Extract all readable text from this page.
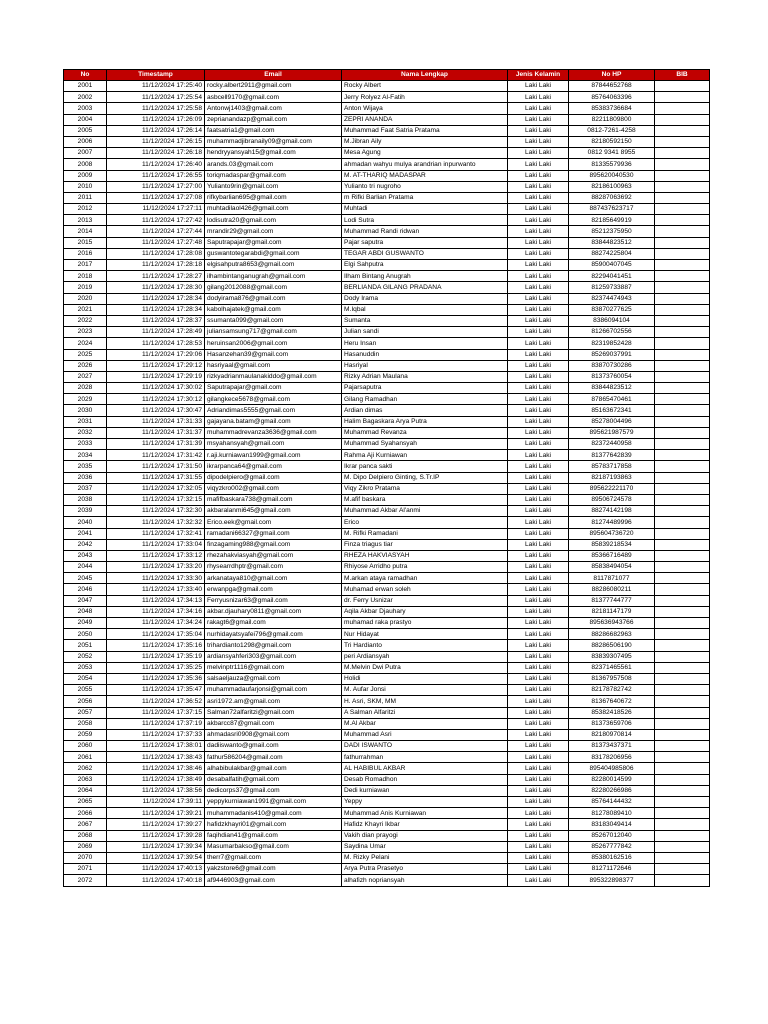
No	Timestamp	Email	Nama Lengkap	Jenis Kelamin	No HP	BIB
2001	11/12/2024 17:25:40	rocky.albert2911@gmail.com	Rocky Albert	Laki Laki	87844652768	
2002	11/12/2024 17:25:54	asbcell9170@gmail.com	Jerry Rolyez Al-Fatih	Laki Laki	85764063396	
2003	11/12/2024 17:25:58	Antonwj1403@gmail.com	Anton Wijaya	Laki Laki	85383736684	
2004	11/12/2024 17:26:09	zeprianandazp@gmail.com	ZEPRI ANANDA	Laki Laki	82211809800	
2005	11/12/2024 17:26:14	faatsatria1@gmail.com	Muhammad Faat Satria Pratama	Laki Laki	0812-7261-4258	
2006	11/12/2024 17:26:15	muhammadjibranaily09@gmail.com	M.Jibran Aily	Laki Laki	82180592150	
2007	11/12/2024 17:26:18	hendryyansyah15@gmail.com	Mesa Agung	Laki Laki	0812 9341 8955	
2008	11/12/2024 17:26:40	arands.03@gmail.com	ahmadan wahyu mulya arandrian inpurwanto	Laki Laki	81335579936	
2009	11/12/2024 17:26:55	toriqmadaspar@gmail.com	M. AT-THARIQ MADASPAR	Laki Laki	895620040530	
2010	11/12/2024 17:27:00	Yulianto9rin@gmail.com	Yulianto tri nugroho	Laki Laki	82186100963	
2011	11/12/2024 17:27:08	rifkybarlian695@gmail.com	m Rifki Barlian Pratama	Laki Laki	88287063692	
2012	11/12/2024 17:27:11	muhtadilaol426@gmail.com	Muhtadi	Laki Laki	887437623717	
2013	11/12/2024 17:27:42	lodisutra20@gmail.com	Lodi Sutra	Laki Laki	82185649919	
2014	11/12/2024 17:27:44	mrandir29@gmail.com	Muhammad Randi ridwan	Laki Laki	85212375950	
2015	11/12/2024 17:27:48	Saputrapajar@gmail.com	Pajar saputra	Laki Laki	83844823512	
2016	11/12/2024 17:28:08	guswantotegarabdi@gmail.com	TEGAR ABDI GUSWANTO	Laki Laki	88274225804	
2017	11/12/2024 17:28:18	elgisahputra8653@gmail.com	Elgi Sahputra	Laki Laki	85900407045	
2018	11/12/2024 17:28:27	ilhambintanganugrah@gmail.com	Ilham Bintang Anugrah	Laki Laki	82294041451	
2019	11/12/2024 17:28:30	gilang2012088@gmail.com	BERLIANDA GILANG PRADANA	Laki Laki	81259733887	
2020	11/12/2024 17:28:34	dodyirama876@gmail.com	Dody Irama	Laki Laki	82374474943	
2021	11/12/2024 17:28:34	kabolhajatek@gmail.com	M.Iqbal	Laki Laki	83870277625	
2022	11/12/2024 17:28:37	ssumanta099@gmail.com	Sumanta	Laki Laki	8386094104	
2023	11/12/2024 17:28:49	juliansamsung717@gmail.com	Julian sandi	Laki Laki	81266702556	
2024	11/12/2024 17:28:53	heruinsan2006@gmail.com	Heru Insan	Laki Laki	82319852428	
2025	11/12/2024 17:29:06	Hasanzehan39@gmail.com	Hasanuddin	Laki Laki	85269037991	
2026	11/12/2024 17:29:12	hasriyaal@gmail.com	Hasriyal	Laki Laki	83870730286	
2027	11/12/2024 17:29:19	rizkyadrianmaulanakiddo@gmail.com	Rizky Adrian Maulana	Laki Laki	81373760054	
2028	11/12/2024 17:30:02	Saputrapajar@gmail.com	Pajarsaputra	Laki Laki	83844823512	
2029	11/12/2024 17:30:12	gilangkece5678@gmail.com	Gilang Ramadhan	Laki Laki	87865470461	
2030	11/12/2024 17:30:47	Adriandimas5555@gmail.com	Ardian dimas	Laki Laki	85163672341	
2031	11/12/2024 17:31:33	gajayana.batam@gmail.com	Halim Bagaskara Arya Putra	Laki Laki	85278004496	
2032	11/12/2024 17:31:37	muhammadrevanza3636@gmail.com	Muhammad Revanza	Laki Laki	895621987579	
2033	11/12/2024 17:31:39	msyahansyah@gmail.com	Muhammad Syahansyah	Laki Laki	82372440958	
2034	11/12/2024 17:31:42	r.aji.kurniawan1999@gmail.com	Rahma Aji Kurniawan	Laki Laki	81377642839	
2035	11/12/2024 17:31:50	ikrarpanca64@gmail.com	Ikrar panca sakti	Laki Laki	85783717858	
2036	11/12/2024 17:31:55	dipodelpiero@gmail.com	M. Dipo Delpiero Ginting, S.Tr.IP	Laki Laki	82187193863	
2037	11/12/2024 17:32:05	viqyzkro002@gmail.com	Viqy Zikro Pratama	Laki Laki	895622221170	
2038	11/12/2024 17:32:15	mafifbaskara738@gmail.com	M.afif baskara	Laki Laki	89506724578	
2039	11/12/2024 17:32:30	akbaralanmi645@gmail.com	Muhammad Akbar Al'anmi	Laki Laki	88274142198	
2040	11/12/2024 17:32:32	Erico.eek@gmail.com	Erico	Laki Laki	81274489996	
2041	11/12/2024 17:32:41	ramadani66327@gmail.com	M. Rifki Ramadani	Laki Laki	895604736720	
2042	11/12/2024 17:33:04	finzagaming988@gmail.com	Finza triagus tiar	Laki Laki	85839218534	
2043	11/12/2024 17:33:12	rhezahakviasyah@gmail.com	RHEZA HAKVIASYAH	Laki Laki	85366716489	
2044	11/12/2024 17:33:20	rhysearrdhptr@gmail.com	Rhiyose Arridho putra	Laki Laki	85838494054	
2045	11/12/2024 17:33:30	arkanataya810@gmail.com	M.arkan ataya ramadhan	Laki Laki	8117871077	
2046	11/12/2024 17:33:40	erwanpga@gmail.com	Muhamad erwan soleh	Laki Laki	88286080211	
2047	11/12/2024 17:34:13	Ferryusnizar63@gmail.com	dr. Ferry Usnizar	Laki Laki	81377744777	
2048	11/12/2024 17:34:16	akbar.djauhary0811@gmail.com	Aqila Akbar Djauhary	Laki Laki	82181147179	
2049	11/12/2024 17:34:24	rakagt6@gmail.com	muhamad raka prastyo	Laki Laki	895636943766	
2050	11/12/2024 17:35:04	nurhidayatsyafei796@gmail.com	Nur Hidayat	Laki Laki	88286682963	
2051	11/12/2024 17:35:16	trihardianto1298@gmail.com	Tri Hardianto	Laki Laki	88286506190	
2052	11/12/2024 17:35:19	ardiansyahferi303@gmail.com	peri Ardiansyah	Laki Laki	83839307495	
2053	11/12/2024 17:35:25	melvinptr1116@gmail.com	M.Melvin Dwi Putra	Laki Laki	82371465561	
2054	11/12/2024 17:35:36	salsaeljauza@gmail.com	Holidi	Laki Laki	81367957508	
2055	11/12/2024 17:35:47	muhammadaufarjonsi@gmail.com	M. Aufar Jonsi	Laki Laki	82178782742	
2056	11/12/2024 17:36:52	asri1972.am@gmail.com	H. Asri, SKM, MM	Laki Laki	81367640672	
2057	11/12/2024 17:37:15	Salman72alfaritzi@gmail.com	A Salman Alfaritzi	Laki Laki	85382418526	
2058	11/12/2024 17:37:19	akbarcc87@gmail.com	M.Al Akbar	Laki Laki	81373659706	
2059	11/12/2024 17:37:33	ahmadasri0908@gmail.com	Muhammad Asri	Laki Laki	82180970814	
2060	11/12/2024 17:38:01	dadiiswanto@gmail.com	DADI ISWANTO	Laki Laki	81373437371	
2061	11/12/2024 17:38:43	fathur586204@gmail.com	fathurrahman	Laki Laki	83178206956	
2062	11/12/2024 17:38:46	alhabibulakbar@gmail.com	AL HABIBUL AKBAR	Laki Laki	895404985806	
2063	11/12/2024 17:38:49	desabalfatih@gmail.com	Desab Romadhon	Laki Laki	82280014599	
2064	11/12/2024 17:38:56	dedicorps37@gmail.com	Dedi kurniawan	Laki Laki	82280266986	
2065	11/12/2024 17:39:11	yeppykurniawan1991@gmail.com	Yeppy	Laki Laki	85764144432	
2066	11/12/2024 17:39:21	muhammadanis410@gmail.com	Muhammad Anis Kurniawan	Laki Laki	81278089410	
2067	11/12/2024 17:39:27	hafidzkhayri01@gmail.com	Hafidz Khayri Ikbar	Laki Laki	83183049414	
2068	11/12/2024 17:39:28	faqihdian41@gmail.com	Vakih dian prayogi	Laki Laki	85267012040	
2069	11/12/2024 17:39:34	Masumarbakso@gmail.com	Saydina Umar	Laki Laki	85267777842	
2070	11/12/2024 17:39:54	therr7@gmail.com	M. Rizky Pelani	Laki Laki	85380162516	
2071	11/12/2024 17:40:13	yakzstore6@gmail.com	Arya Putra Prasetyo	Laki Laki	81271172646	
2072	11/12/2024 17:40:18	af9446903@gmail.com	alhafizh nopriansyah	Laki Laki	895322898377	
